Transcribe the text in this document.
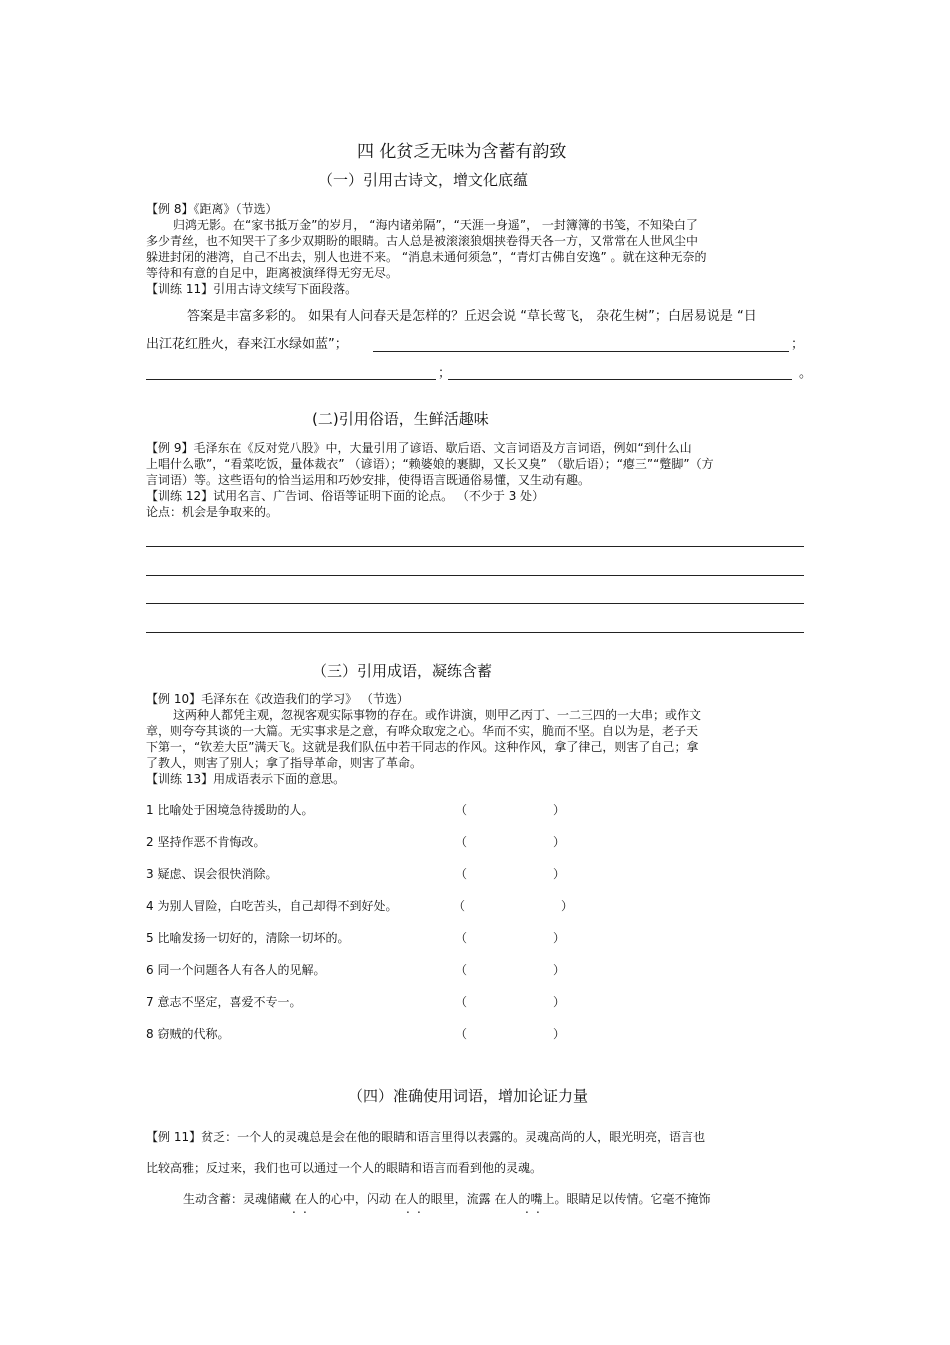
四 化贫乏无味为含蓄有韵致
（一）引用古诗文，增文化底蕴
【例 8】《距离》（节选）
归鸿无影。在“家书抵万金”的岁月， “海内诸弟隔”，“天涯一身遥”， 一封簿簿的书笺，不知染白了
多少青丝，也不知哭干了多少双期盼的眼睛。古人总是被滚滚狼烟挟卷得天各一方，又常常在人世风尘中
躲进封闭的港湾，自己不出去，别人也进不来。 “消息未通何须急”，“青灯古佛自安逸” 。就在这种无奈的
等待和有意的自足中，距离被演绎得无穷无尽。
【训练 11】引用古诗文续写下面段落。
答案是丰富多彩的。 如果有人问春天是怎样的？丘迟会说 “草长莺飞， 杂花生树”；白居易说是 “日
出江花红胜火，春来江水绿如蓝”；	；
；	。
(二)引用俗语，生鲜活趣味
【例 9】毛泽东在《反对党八股》中，大量引用了谚语、歇后语、文言词语及方言词语，例如“到什么山
上唱什么歌”，“看菜吃饭，量体裁衣” （谚语）；“赖婆娘的裹脚，又长又臭” （歇后语）；“瘪三”“蹩脚”（方
言词语）等。这些语句的恰当运用和巧妙安排，使得语言既通俗易懂，又生动有趣。
【训练 12】试用名言、广告词、俗语等证明下面的论点。 （不少于 3 处）
论点：机会是争取来的。
（三）引用成语，凝练含蓄
【例 10】毛泽东在《改造我们的学习》 （节选）
这两种人都凭主观，忽视客观实际事物的存在。或作讲演，则甲乙丙丁、一二三四的一大串；或作文
章，则夸夸其谈的一大篇。无实事求是之意，有哗众取宠之心。华而不实，脆而不坚。自以为是，老子天
下第一，“钦差大臣”满天飞。这就是我们队伍中若干同志的作风。这种作风，拿了律己，则害了自己；拿
了教人，则害了别人；拿了指导革命，则害了革命。
【训练 13】用成语表示下面的意思。
1 比喻处于困境急待援助的人。	（	）
2 坚持作恶不肯悔改。	（	）
3 疑虑、误会很快消除。	（	）
4 为别人冒险，白吃苦头，自己却得不到好处。	（	）
5 比喻发扬一切好的，清除一切坏的。	（	）
6 同一个问题各人有各人的见解。	（	）
7 意志不坚定，喜爱不专一。	（	）
8 窃贼的代称。	（	）
（四）准确使用词语，增加论证力量
【例 11】贫乏：一个人的灵魂总是会在他的眼睛和语言里得以表露的。灵魂高尚的人，眼光明亮，语言也
比较高雅；反过来，我们也可以通过一个人的眼睛和语言而看到他的灵魂。
生动含蓄：灵魂储藏 在人的心中，闪动 在人的眼里，流露 在人的嘴上。眼睛足以传情。它毫不掩饰
. .	. .	. .
